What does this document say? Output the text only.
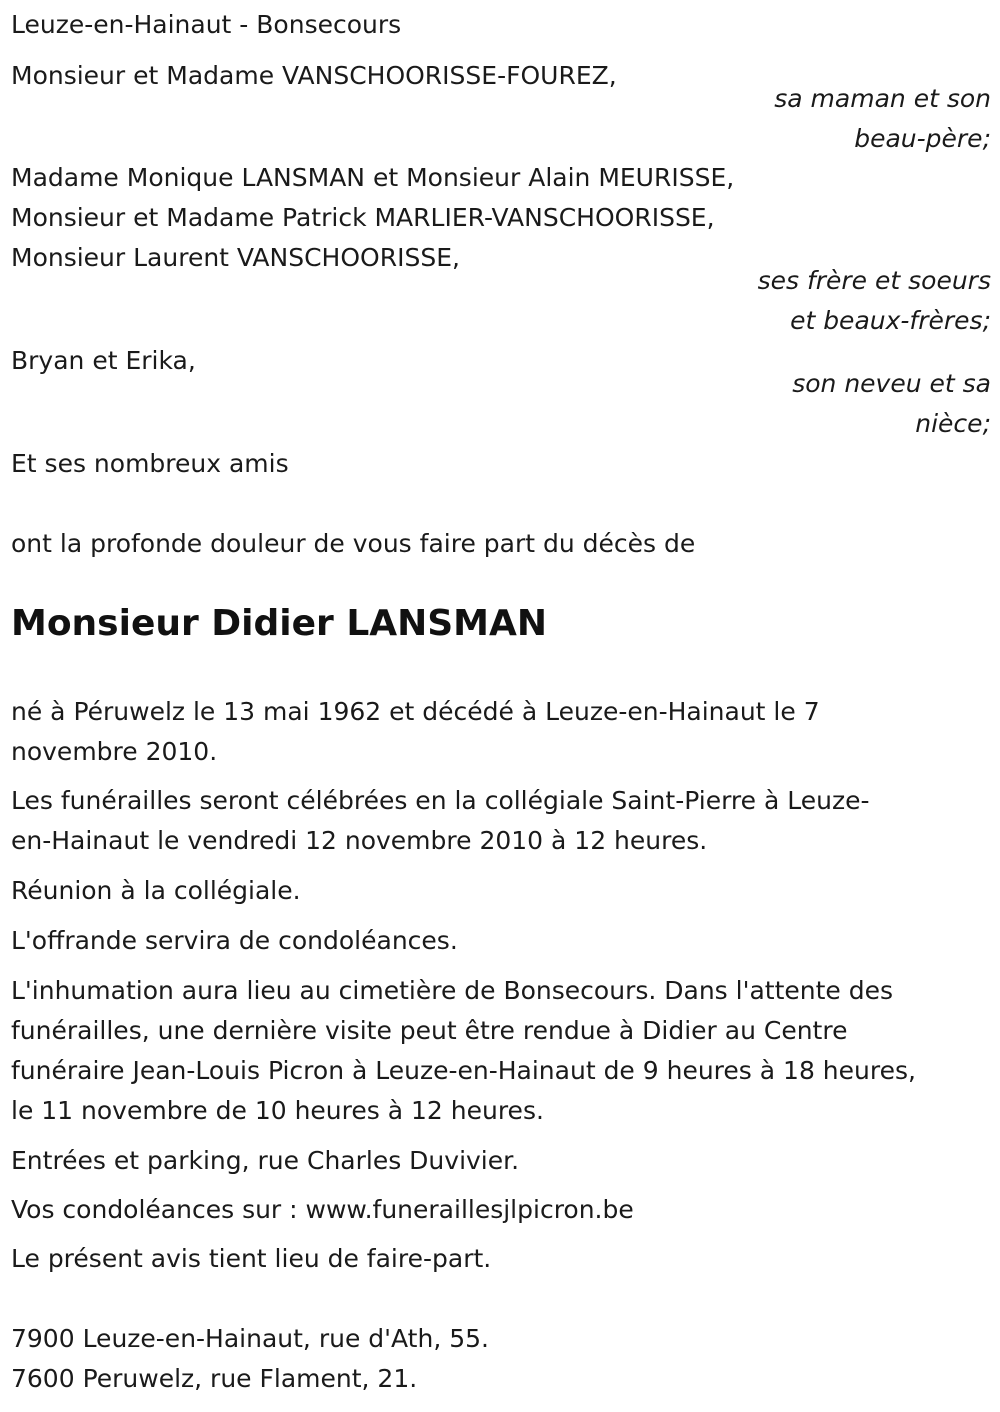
Leuze-en-Hainaut - Bonsecours
Monsieur et Madame VANSCHOORISSE-FOUREZ,
sa maman et son
beau-père;
Madame Monique LANSMAN et Monsieur Alain MEURISSE,
Monsieur et Madame Patrick MARLIER-VANSCHOORISSE,
Monsieur Laurent VANSCHOORISSE,
ses frère et soeurs
et beaux-frères;
Bryan et Erika,
son neveu et sa
nièce;
Et ses nombreux amis
ont la profonde douleur de vous faire part du décès de
Monsieur Didier LANSMAN
né à Péruwelz le 13 mai 1962 et décédé à Leuze-en-Hainaut le 7
novembre 2010.
Les funérailles seront célébrées en la collégiale Saint-Pierre à Leuze-
en-Hainaut le vendredi 12 novembre 2010 à 12 heures.
Réunion à la collégiale.
L'offrande servira de condoléances.
L'inhumation aura lieu au cimetière de Bonsecours. Dans l'attente des
funérailles, une dernière visite peut être rendue à Didier au Centre
funéraire Jean-Louis Picron à Leuze-en-Hainaut de 9 heures à 18 heures,
le 11 novembre de 10 heures à 12 heures.
Entrées et parking, rue Charles Duvivier.
Vos condoléances sur : www.funeraillesjlpicron.be
Le présent avis tient lieu de faire-part.
7900 Leuze-en-Hainaut, rue d'Ath, 55.
7600 Peruwelz, rue Flament, 21.
